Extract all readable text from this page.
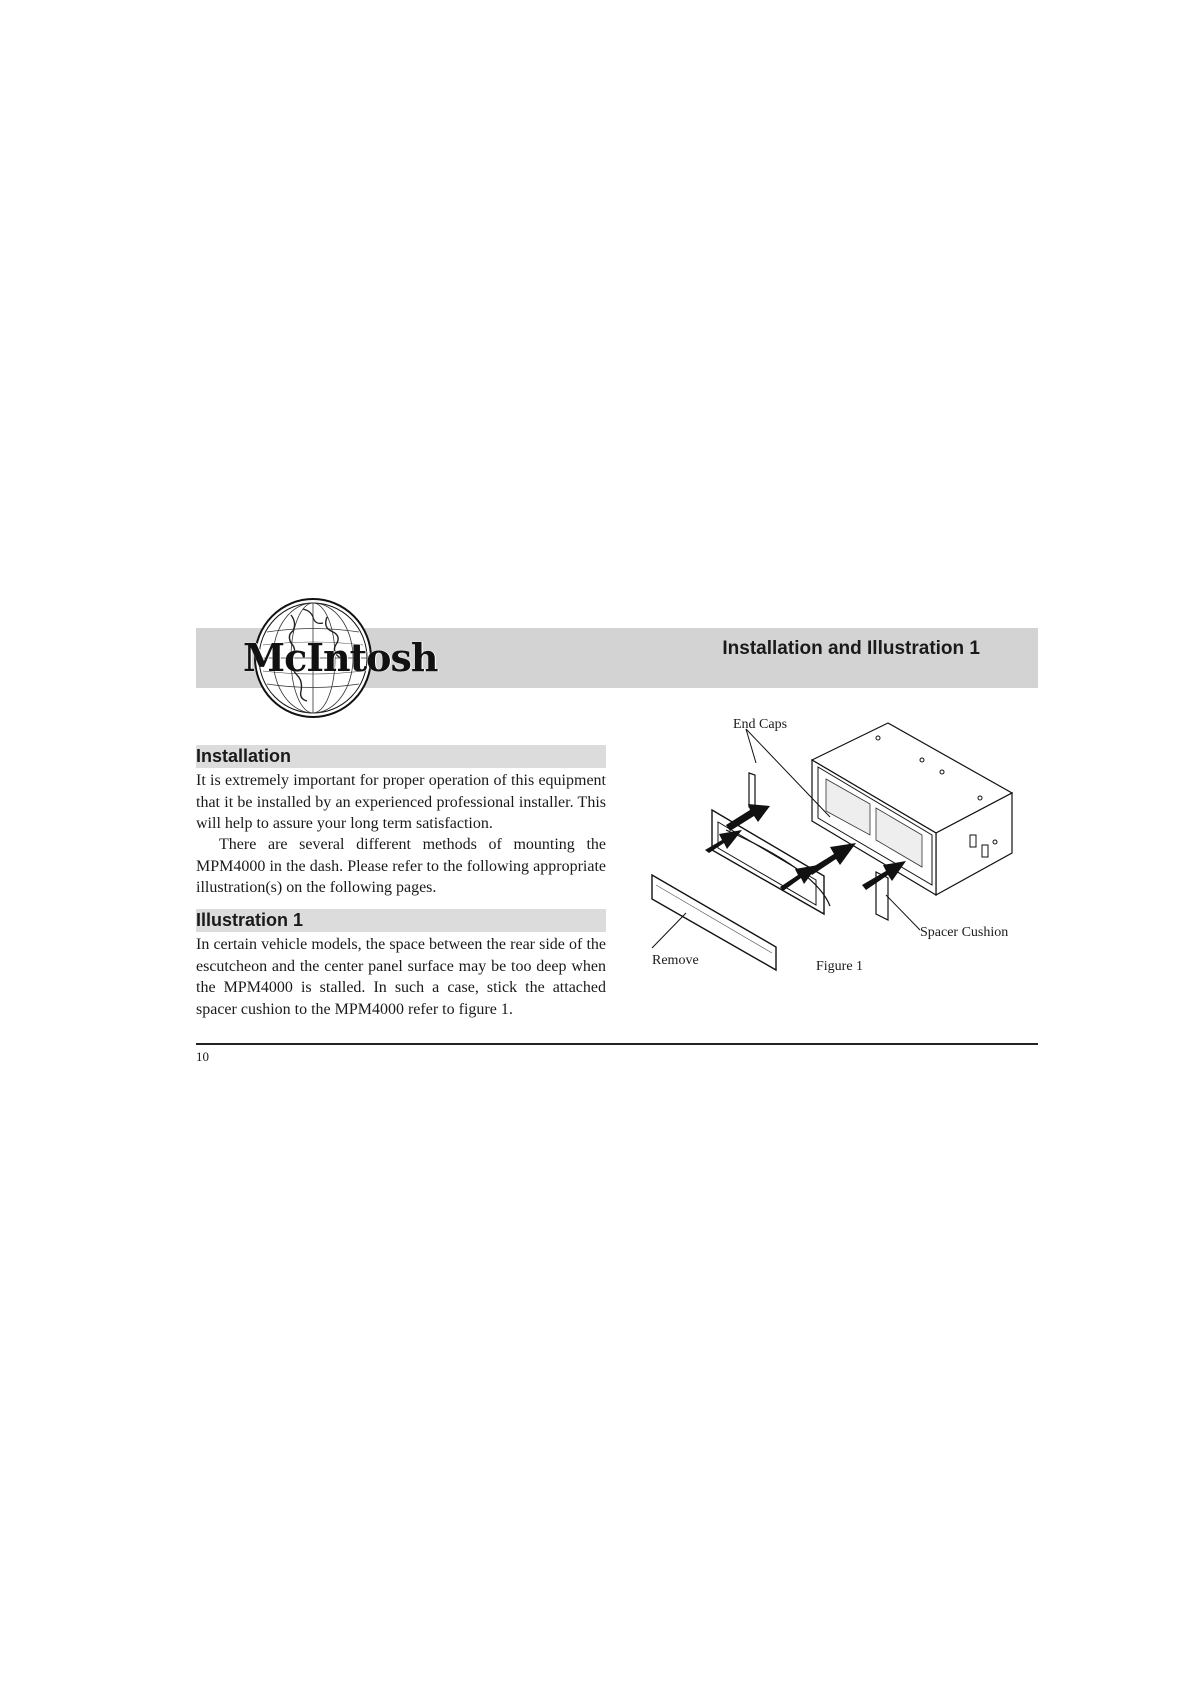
Installation and Illustration 1
McIntosh
Installation

It is extremely important for proper operation of this equipment that it be installed by an experienced professional installer. This will help to assure your long term satisfaction.

There are several different methods of mounting the MPM4000 in the dash. Please refer to the following appropriate illustration(s) on the following pages.

Illustration 1

In certain vehicle models, the space between the rear side of the escutcheon and the center panel surface may be too deep when the MPM4000 is stalled. In such a case, stick the attached spacer cushion to the MPM4000 refer to figure 1.

End Caps
Spacer Cushion
Remove	Figure 1
10
